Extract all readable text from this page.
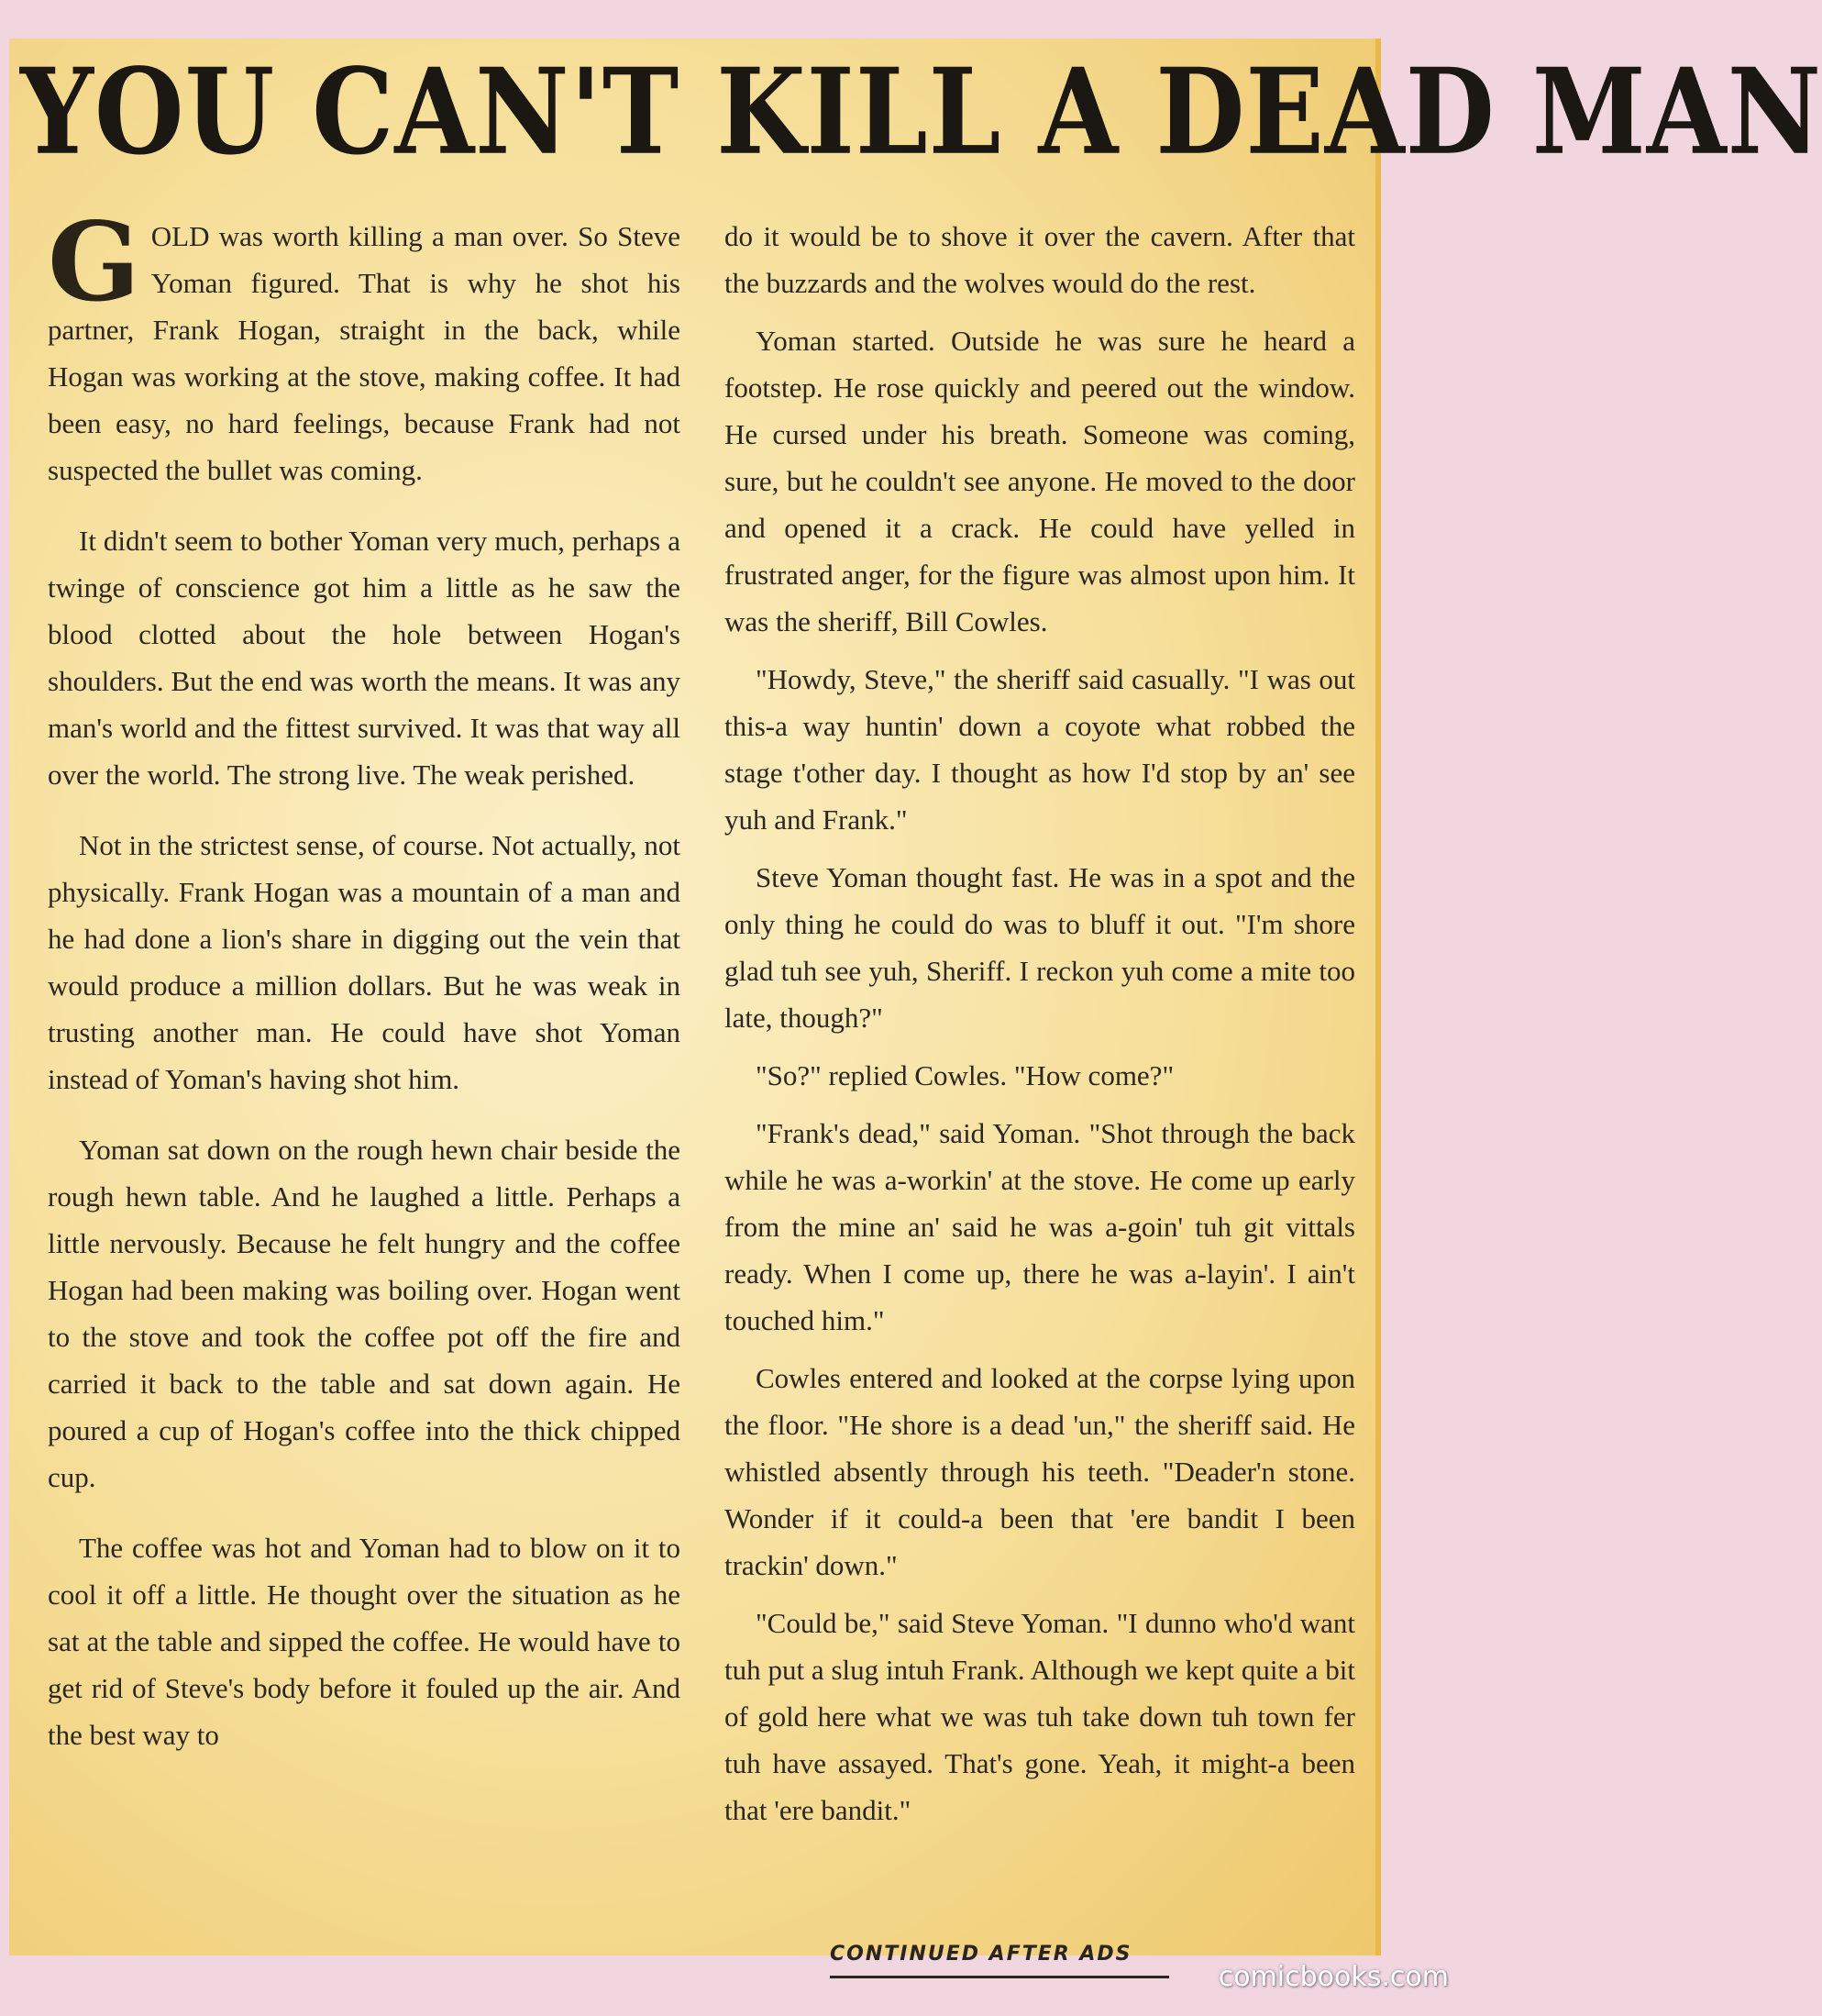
YOU CAN'T KILL A DEAD MAN

GOLD was worth killing a man over. So Steve Yoman figured. That is why he shot his partner, Frank Hogan, straight in the back, while Hogan was working at the stove, making coffee. It had been easy, no hard feelings, because Frank had not suspected the bullet was coming.

It didn't seem to bother Yoman very much, perhaps a twinge of conscience got him a little as he saw the blood clotted about the hole between Hogan's shoulders. But the end was worth the means. It was any man's world and the fittest survived. It was that way all over the world. The strong live. The weak perished.

Not in the strictest sense, of course. Not actually, not physically. Frank Hogan was a mountain of a man and he had done a lion's share in digging out the vein that would produce a million dollars. But he was weak in trusting another man. He could have shot Yoman instead of Yoman's having shot him.

Yoman sat down on the rough hewn chair beside the rough hewn table. And he laughed a little. Perhaps a little nervously. Because he felt hungry and the coffee Hogan had been making was boiling over. Hogan went to the stove and took the coffee pot off the fire and carried it back to the table and sat down again. He poured a cup of Hogan's coffee into the thick chipped cup.

The coffee was hot and Yoman had to blow on it to cool it off a little. He thought over the situation as he sat at the table and sipped the coffee. He would have to get rid of Steve's body before it fouled up the air. And the best way to

do it would be to shove it over the cavern. After that the buzzards and the wolves would do the rest.

Yoman started. Outside he was sure he heard a footstep. He rose quickly and peered out the window. He cursed under his breath. Someone was coming, sure, but he couldn't see anyone. He moved to the door and opened it a crack. He could have yelled in frustrated anger, for the figure was almost upon him. It was the sheriff, Bill Cowles.

"Howdy, Steve," the sheriff said casually. "I was out this-a way huntin' down a coyote what robbed the stage t'other day. I thought as how I'd stop by an' see yuh and Frank."

Steve Yoman thought fast. He was in a spot and the only thing he could do was to bluff it out. "I'm shore glad tuh see yuh, Sheriff. I reckon yuh come a mite too late, though?"

"So?" replied Cowles. "How come?"

"Frank's dead," said Yoman. "Shot through the back while he was a-workin' at the stove. He come up early from the mine an' said he was a-goin' tuh git vittals ready. When I come up, there he was a-layin'. I ain't touched him."

Cowles entered and looked at the corpse lying upon the floor. "He shore is a dead 'un," the sheriff said. He whistled absently through his teeth. "Deader'n stone. Wonder if it could-a been that 'ere bandit I been trackin' down."

"Could be," said Steve Yoman. "I dunno who'd want tuh put a slug intuh Frank. Although we kept quite a bit of gold here what we was tuh take down tuh town fer tuh have assayed. That's gone. Yeah, it might-a been that 'ere bandit."

CONTINUED AFTER ADS
comicbooks.com
